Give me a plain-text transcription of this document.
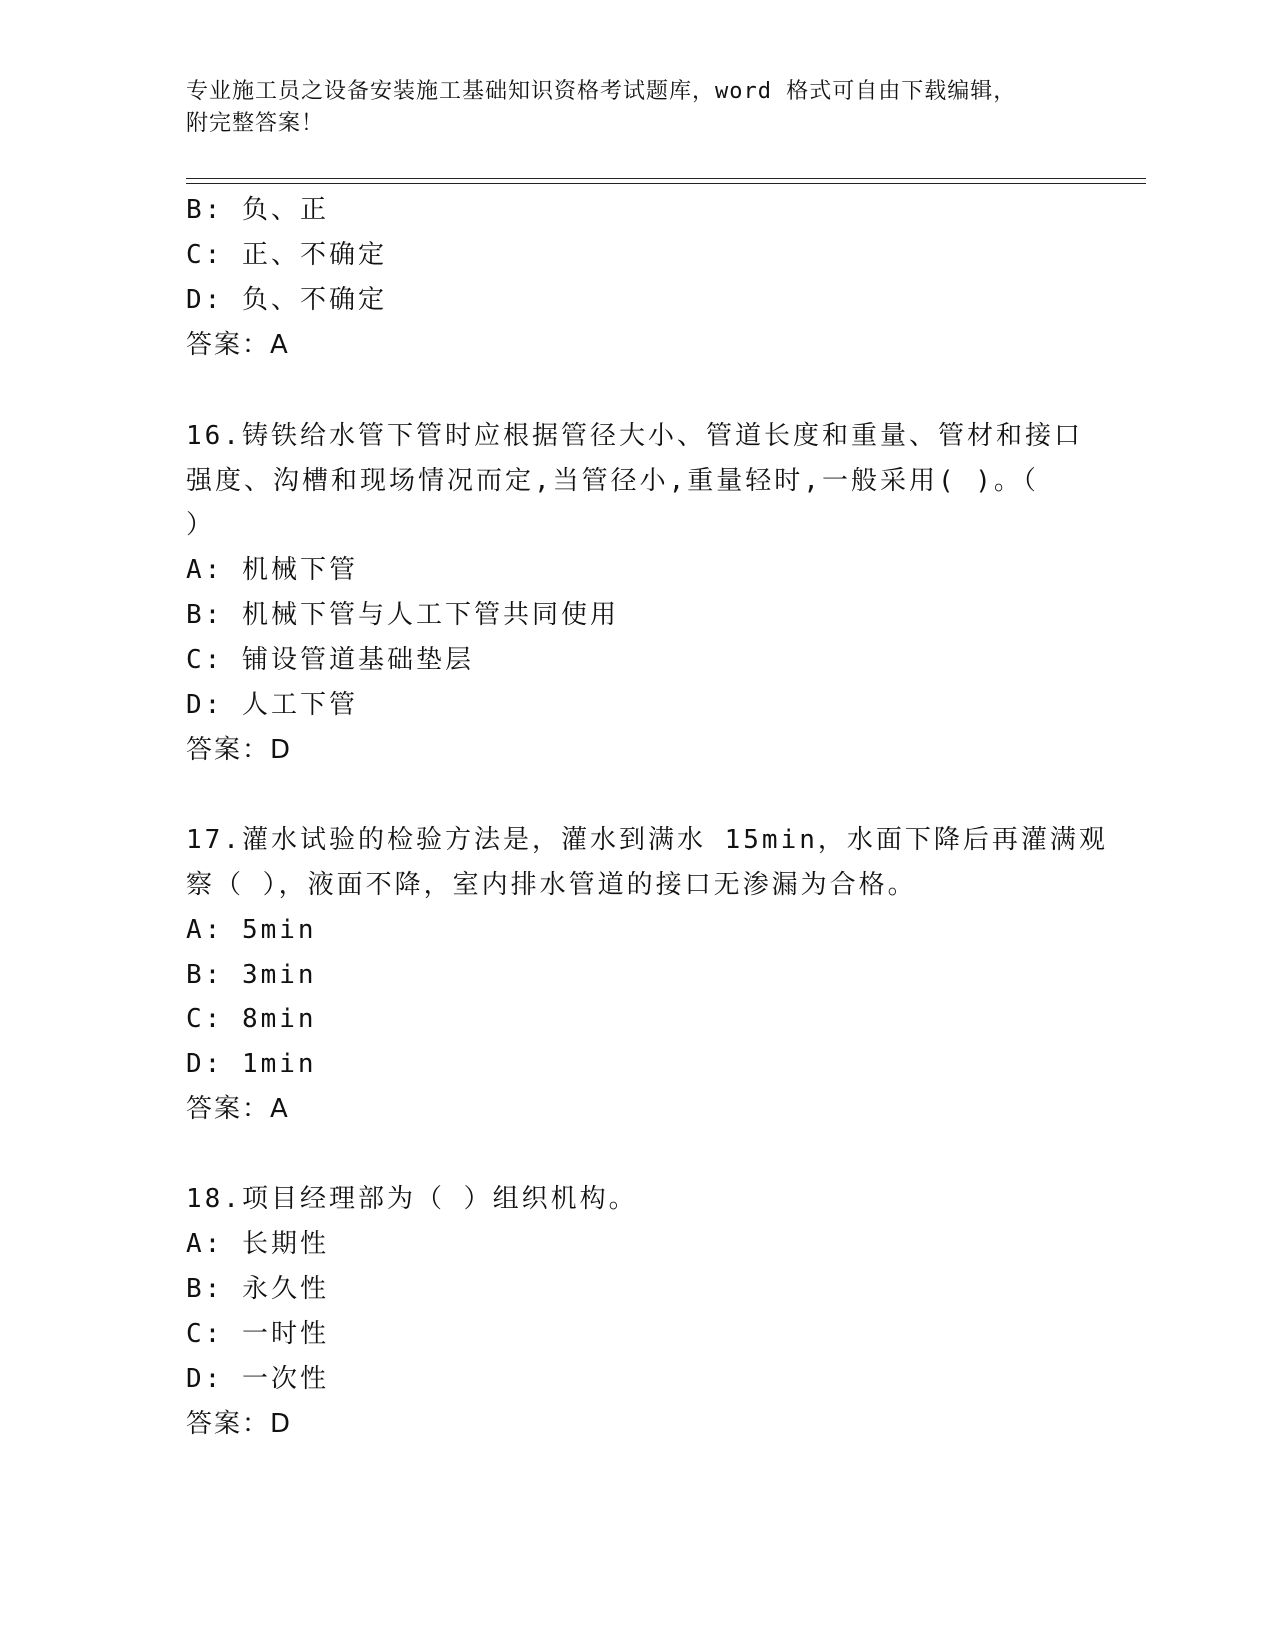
专业施工员之设备安装施工基础知识资格考试题库，word 格式可自由下载编辑，
附完整答案！
B: 负、正
C: 正、不确定
D: 负、不确定
答案：A
16.铸铁给水管下管时应根据管径大小、管道长度和重量、管材和接口
强度、沟槽和现场情况而定,当管径小,重量轻时,一般采用( )。（
）
A: 机械下管
B: 机械下管与人工下管共同使用
C: 铺设管道基础垫层
D: 人工下管
答案：D
17.灌水试验的检验方法是，灌水到满水 15min，水面下降后再灌满观
察（ ），液面不降，室内排水管道的接口无渗漏为合格。
A: 5min
B: 3min
C: 8min
D: 1min
答案：A
18.项目经理部为（ ）组织机构。
A: 长期性
B: 永久性
C: 一时性
D: 一次性
答案：D
